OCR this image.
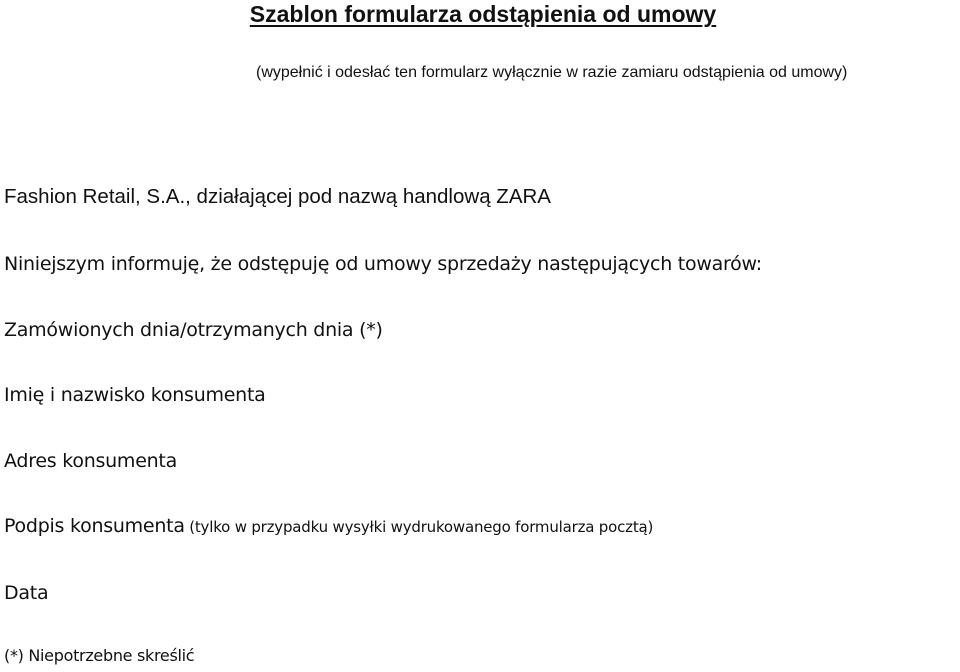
Szablon formularza odstąpienia od umowy

(wypełnić i odesłać ten formularz wyłącznie w razie zamiaru odstąpienia od umowy)

Fashion Retail, S.A., działającej pod nazwą handlową ZARA

Niniejszym informuję, że odstępuję od umowy sprzedaży następujących towarów:

Zamówionych dnia/otrzymanych dnia (*)

Imię i nazwisko konsumenta

Adres konsumenta

Podpis konsumenta (tylko w przypadku wysyłki wydrukowanego formularza pocztą)

Data

(*) Niepotrzebne skreślić
